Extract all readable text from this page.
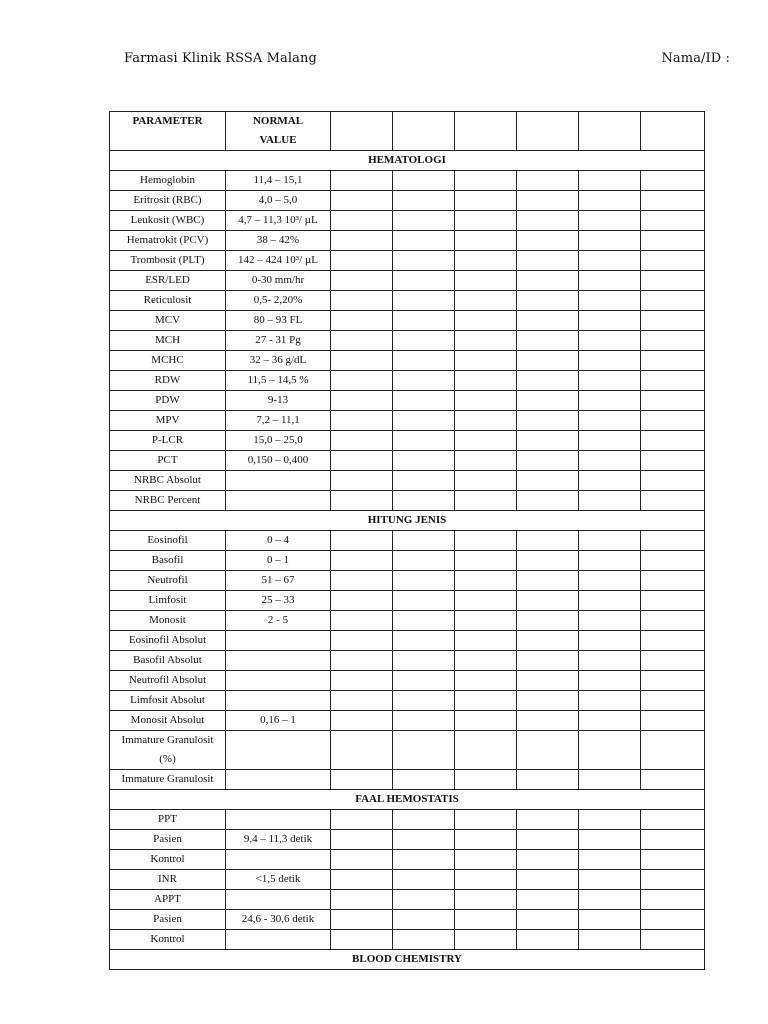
Farmasi Klinik RSSA Malang	Nama/ID :
PARAMETER	NORMAL
VALUE						

HEMATOLOGI							

Hemoglobin	11,4 – 15,1						

Eritrosit (RBC)	4,0 – 5,0						

Leukosit (WBC)	4,7 – 11,3 10³/ µL						

Hematrokit (PCV)	38 – 42%						

Trombosit (PLT)	142 – 424 10³/ µL						

ESR/LED	0-30 mm/hr						

Reticulosit	0,5- 2,20%						

MCV	80 – 93 FL						

MCH	27 - 31 Pg						

MCHC	32 – 36 g/dL						

RDW	11,5 – 14,5 %						

PDW	9-13						

MPV	7,2 – 11,1						

P-LCR	15,0 – 25,0						

PCT	0,150 – 0,400						

NRBC Absolut							

NRBC Percent							

HITUNG JENIS							

Eosinofil	0 – 4						

Basofil	0 – 1						

Neutrofil	51 – 67						

Limfosit	25 – 33						

Monosit	2 - 5						

Eosinofil Absolut							

Basofil Absolut							

Neutrofil Absolut							

Limfosit Absolut							

Monosit Absolut	0,16 – 1						

Immature Granulosit
(%)							

Immature Granulosit							

FAAL HEMOSTATIS							

PPT							

Pasien	9,4 – 11,3 detik						

Kontrol							

INR	<1,5 detik						

APPT							

Pasien	24,6 - 30,6 detik						

Kontrol							

BLOOD CHEMISTRY							
